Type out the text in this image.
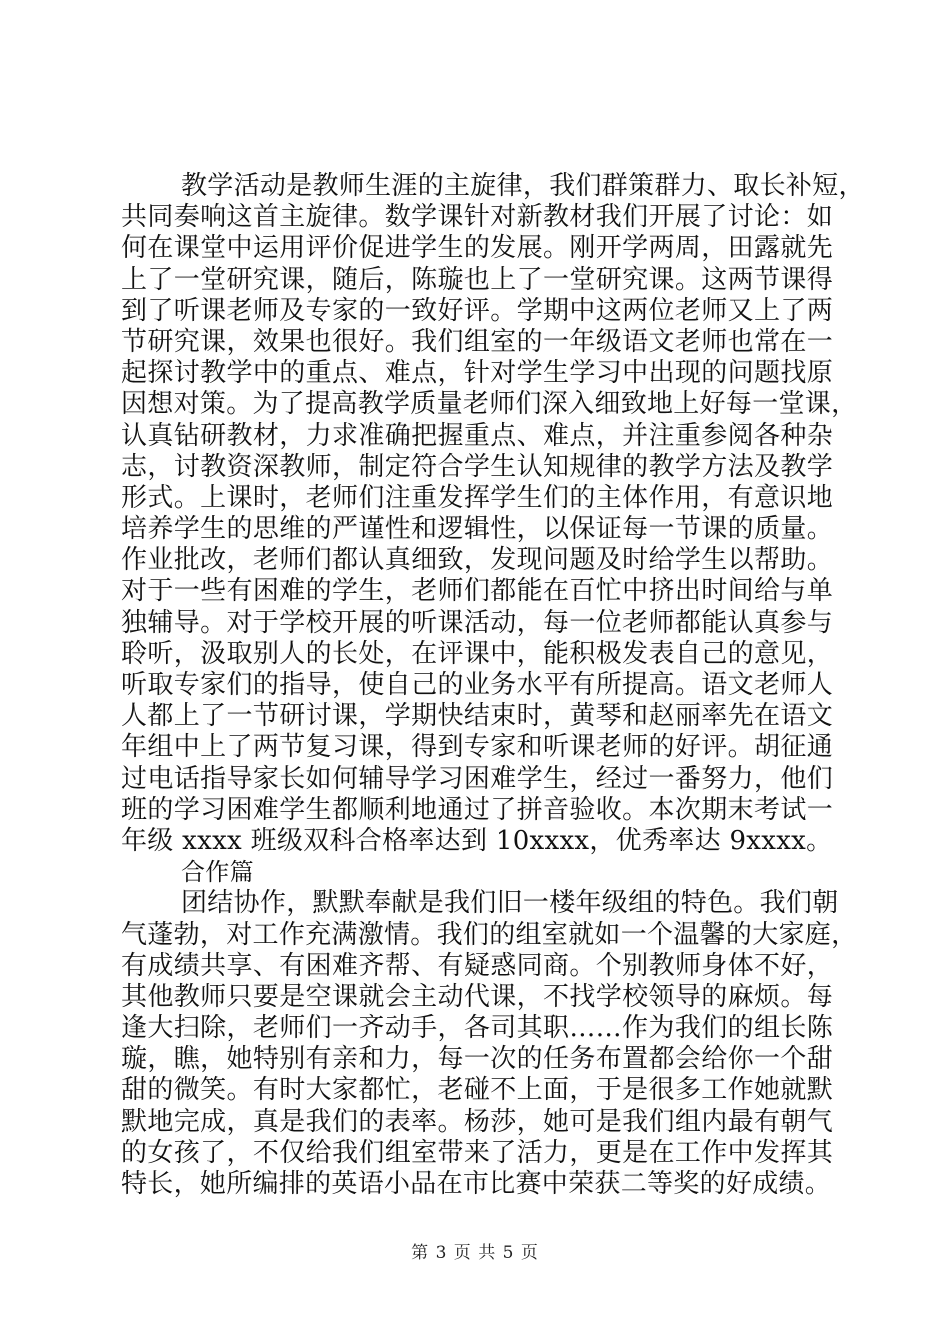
教学活动是教师生涯的主旋律，我们群策群力、取长补短，
共同奏响这首主旋律。数学课针对新教材我们开展了讨论：如
何在课堂中运用评价促进学生的发展。刚开学两周，田露就先
上了一堂研究课，随后，陈璇也上了一堂研究课。这两节课得
到了听课老师及专家的一致好评。学期中这两位老师又上了两
节研究课，效果也很好。我们组室的一年级语文老师也常在一
起探讨教学中的重点、难点，针对学生学习中出现的问题找原
因想对策。为了提高教学质量老师们深入细致地上好每一堂课，
认真钻研教材，力求准确把握重点、难点，并注重参阅各种杂
志，讨教资深教师，制定符合学生认知规律的教学方法及教学
形式。上课时，老师们注重发挥学生们的主体作用，有意识地
培养学生的思维的严谨性和逻辑性，以保证每一节课的质量。
作业批改，老师们都认真细致，发现问题及时给学生以帮助。
对于一些有困难的学生，老师们都能在百忙中挤出时间给与单
独辅导。对于学校开展的听课活动，每一位老师都能认真参与
聆听，汲取别人的长处，在评课中，能积极发表自己的意见，
听取专家们的指导，使自己的业务水平有所提高。语文老师人
人都上了一节研讨课，学期快结束时，黄琴和赵丽率先在语文
年组中上了两节复习课，得到专家和听课老师的好评。胡征通
过电话指导家长如何辅导学习困难学生，经过一番努力，他们
班的学习困难学生都顺利地通过了拼音验收。本次期末考试一
年级 xxxx 班级双科合格率达到 10xxxx，优秀率达 9xxxx。
合作篇
团结协作，默默奉献是我们旧一楼年级组的特色。我们朝
气蓬勃，对工作充满激情。我们的组室就如一个温馨的大家庭，
有成绩共享、有困难齐帮、有疑惑同商。个别教师身体不好，
其他教师只要是空课就会主动代课，不找学校领导的麻烦。每
逢大扫除，老师们一齐动手，各司其职……作为我们的组长陈
璇，瞧，她特别有亲和力，每一次的任务布置都会给你一个甜
甜的微笑。有时大家都忙，老碰不上面，于是很多工作她就默
默地完成，真是我们的表率。杨莎，她可是我们组内最有朝气
的女孩了，不仅给我们组室带来了活力，更是在工作中发挥其
特长，她所编排的英语小品在市比赛中荣获二等奖的好成绩。
第 3 页 共 5 页
